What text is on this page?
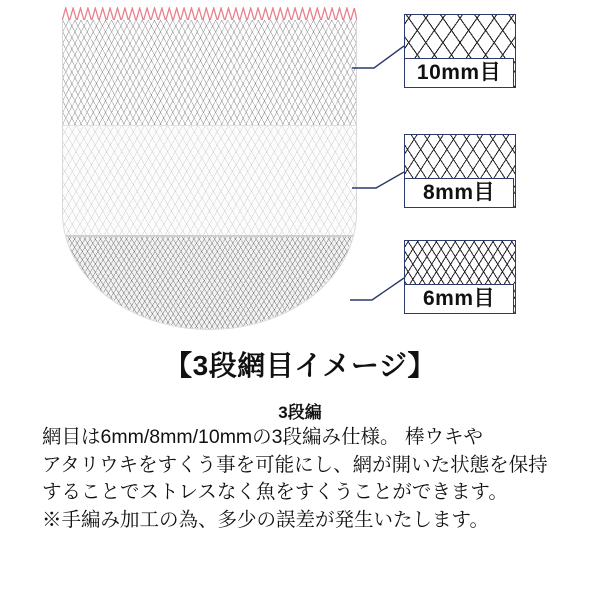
10mm目
8mm目
6mm目
【3段網目イメージ】
3段編
網目は6mm/8mm/10mmの3段編み仕様。 棒ウキや
アタリウキをすくう事を可能にし、網が開いた状態を保持
することでストレスなく魚をすくうことができます。
※手編み加工の為、多少の誤差が発生いたします。
